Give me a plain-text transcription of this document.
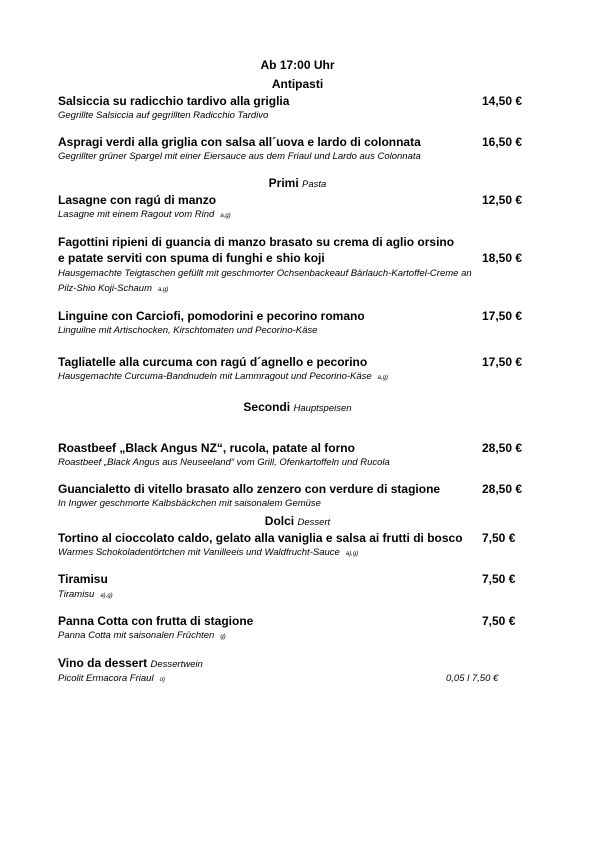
Ab 17:00 Uhr
Antipasti
Salsiccia su radicchio tardivo alla griglia	14,50 €
Gegrillte Salsiccia auf gegrillten Radicchio Tardivo
Aspragi verdi alla griglia con salsa all´uova e lardo di colonnata	16,50 €
Gegrillter grüner Spargel mit einer Eiersauce aus dem Friaul und Lardo aus Colonnata
Primi Pasta
Lasagne con ragú di manzo	12,50 €
Lasagne mit einem Ragout vom Rind a,g)
Fagottini ripieni di guancia di manzo brasato su crema di aglio orsino
e patate serviti con spuma di funghi e shio koji	18,50 €
Hausgemachte Teigtaschen gefüllt mit geschmorter Ochsenbackeauf Bärlauch-Kartoffel-Creme an
Pilz-Shio Koji-Schaum a,g)
Linguine con Carciofi, pomodorini e pecorino romano	17,50 €
Linguilne mit Artischocken, Kirschtomaten und Pecorino-Käse
Tagliatelle alla curcuma con ragú d´agnello e pecorino	17,50 €
Hausgemachte Curcuma-Bandnudeln mit Lammragout und Pecorino-Käse a,g)
Secondi Hauptspeisen
Roastbeef „Black Angus NZ“, rucola, patate al forno	28,50 €
Roastbeef „Black Angus aus Neuseeland“ vom Grill, Ofenkartoffeln und Rucola
Guancialetto di vitello brasato allo zenzero con verdure di stagione	28,50 €
In Ingwer geschmorte Kalbsbäckchen mit saisonalem Gemüse
Dolci Dessert
Tortino al cioccolato caldo, gelato alla vaniglia e salsa ai frutti di bosco 7,50 €
Warmes Schokoladentörtchen mit Vanilleeis und Waldfrucht-Sauce a),g)
Tiramisu	7,50 €
Tiramisu a),g)
Panna Cotta con frutta di stagione	7,50 €
Panna Cotta mit saisonalen Früchten g)
Vino da dessert Dessertwein
Picolit Ermacora Friaul o)	0,05 l 7,50 €
